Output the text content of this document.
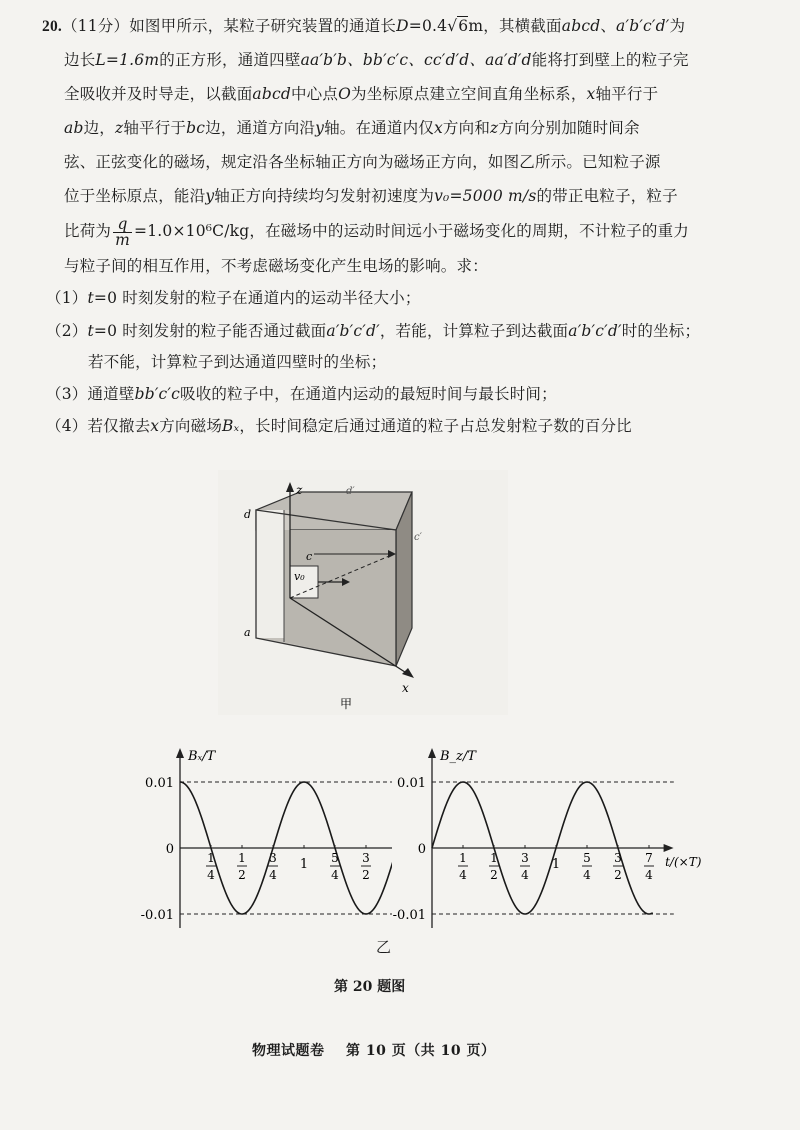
20.（11分）如图甲所示，某粒子研究装置的通道长D=0.4√6m，其横截面abcd、a′b′c′d′为
边长L=1.6m的正方形，通道四壁aa′b′b、bb′c′c、cc′d′d、aa′d′d能将打到壁上的粒子完
全吸收并及时导走，以截面abcd中心点O为坐标原点建立空间直角坐标系，x轴平行于
ab边，z轴平行于bc边，通道方向沿y轴。在通道内仅x方向和z方向分别加随时间余
弦、正弦变化的磁场，规定沿各坐标轴正方向为磁场正方向，如图乙所示。已知粒子源
位于坐标原点，能沿y轴正方向持续均匀发射初速度为v₀=5000 m/s的带正电粒子，粒子
比荷为 $\frac{q}{m} =1.0\times 10^6C/kg$，在磁场中的运动时间远小于磁场变化的周期，不计粒子的重力
与粒子间的相互作用，不考虑磁场变化产生电场的影响。求：
（1）t=0 时刻发射的粒子在通道内的运动半径大小；
（2）t=0 时刻发射的粒子能否通过截面a′b′c′d′，若能，计算粒子到达截面a′b′c′d′时的坐标；
若不能，计算粒子到达通道四壁时的坐标；
（3）通道壁bb′c′c吸收的粒子中，在通道内运动的最短时间与最长时间；
（4）若仅撤去x方向磁场Bₓ，长时间稳定后通过通道的粒子占总发射粒子数的百分比
z
d
a
c
d′
c′
v₀
x
甲
0.01
0
-0.01
Bₓ/T
1
4
1
2
3
4
1 5
4
3
2
0.01
0
-0.01
B_z/T
t/(×T)
1
4
1
2
3
4
1 5
4
3
2
7
4
乙
第 20 题图
物理试题卷 第 10 页（共 10 页）
